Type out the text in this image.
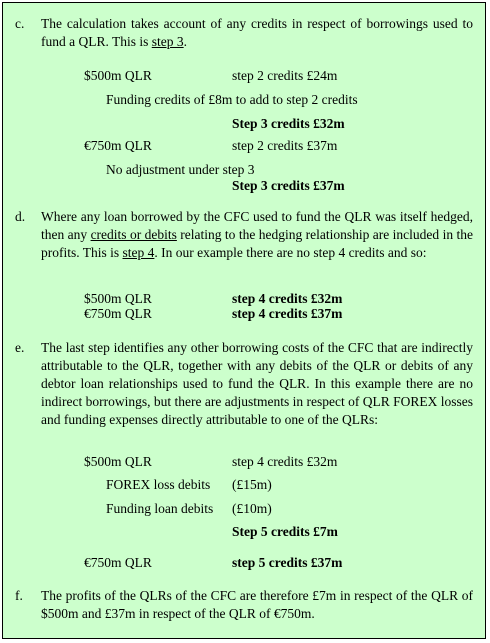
c. The calculation takes account of any credits in respect of borrowings used to fund a QLR. This is step 3.
$500m QLR	step 2 credits £24m
Funding credits of £8m to add to step 2 credits
Step 3 credits £32m
€750m QLR	step 2 credits £37m
No adjustment under step 3
Step 3 credits £37m
d. Where any loan borrowed by the CFC used to fund the QLR was itself hedged, then any credits or debits relating to the hedging relationship are included in the profits. This is step 4. In our example there are no step 4 credits and so:
$500m QLR	step 4 credits £32m
€750m QLR	step 4 credits £37m
e. The last step identifies any other borrowing costs of the CFC that are indirectly attributable to the QLR, together with any debits of the QLR or debits of any debtor loan relationships used to fund the QLR. In this example there are no indirect borrowings, but there are adjustments in respect of QLR FOREX losses and funding expenses directly attributable to one of the QLRs:
$500m QLR	step 4 credits £32m
FOREX loss debits (£15m)
Funding loan debits (£10m)
Step 5 credits £7m
€750m QLR	step 5 credits £37m
f. The profits of the QLRs of the CFC are therefore £7m in respect of the QLR of $500m and £37m in respect of the QLR of €750m.
